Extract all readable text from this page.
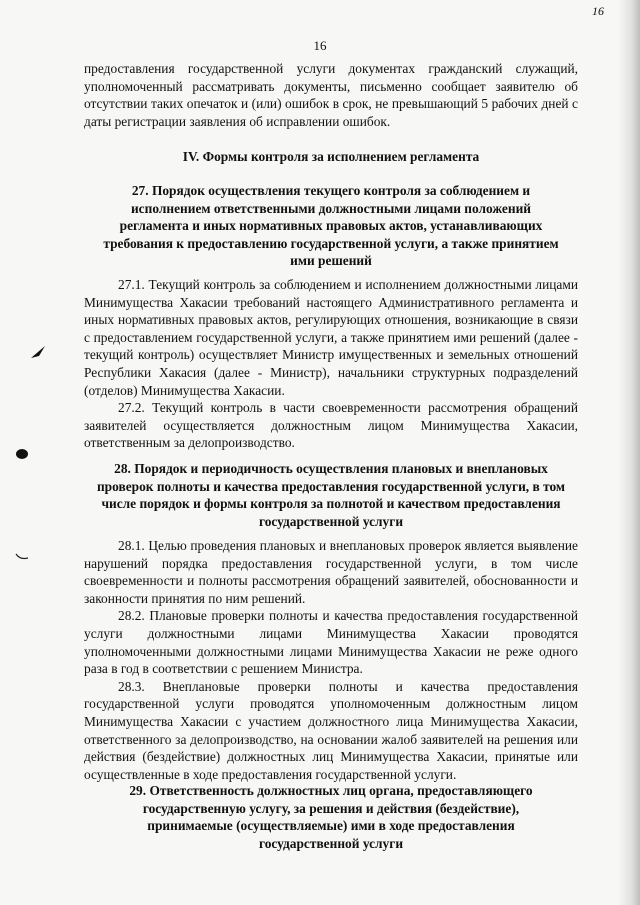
16
16

предоставления государственной услуги документах гражданский служащий, уполномоченный рассматривать документы, письменно сообщает заявителю об отсутствии таких опечаток и (или) ошибок в срок, не превышающий 5 рабочих дней с даты регистрации заявления об исправлении ошибок.

IV. Формы контроля за исполнением регламента
27. Порядок осуществления текущего контроля за соблюдением и исполнением ответственными должностными лицами положений регламента и иных нормативных правовых актов, устанавливающих требования к предоставлению государственной услуги, а также принятием ими решений

27.1. Текущий контроль за соблюдением и исполнением должностными лицами Минимущества Хакасии требований настоящего Административного регламента и иных нормативных правовых актов, регулирующих отношения, возникающие в связи с предоставлением государственной услуги, а также принятием ими решений (далее - текущий контроль) осуществляет Министр имущественных и земельных отношений Республики Хакасия (далее - Министр), начальники структурных подразделений (отделов) Минимущества Хакасии.

27.2. Текущий контроль в части своевременности рассмотрения обращений заявителей осуществляется должностным лицом Минимущества Хакасии, ответственным за делопроизводство.

28. Порядок и периодичность осуществления плановых и внеплановых проверок полноты и качества предоставления государственной услуги, в том числе порядок и формы контроля за полнотой и качеством предоставления государственной услуги

28.1. Целью проведения плановых и внеплановых проверок является выявление нарушений порядка предоставления государственной услуги, в том числе своевременности и полноты рассмотрения обращений заявителей, обоснованности и законности принятия по ним решений.

28.2. Плановые проверки полноты и качества предоставления государственной услуги должностными лицами Минимущества Хакасии проводятся уполномоченными должностными лицами Минимущества Хакасии не реже одного раза в год в соответствии с решением Министра.

28.3. Внеплановые проверки полноты и качества предоставления государственной услуги проводятся уполномоченным должностным лицом Минимущества Хакасии с участием должностного лица Минимущества Хакасии, ответственного за делопроизводство, на основании жалоб заявителей на решения или действия (бездействие) должностных лиц Минимущества Хакасии, принятые или осуществленные в ходе предоставления государственной услуги.

29. Ответственность должностных лиц органа, предоставляющего государственную услугу, за решения и действия (бездействие), принимаемые (осуществляемые) ими в ходе предоставления государственной услуги
